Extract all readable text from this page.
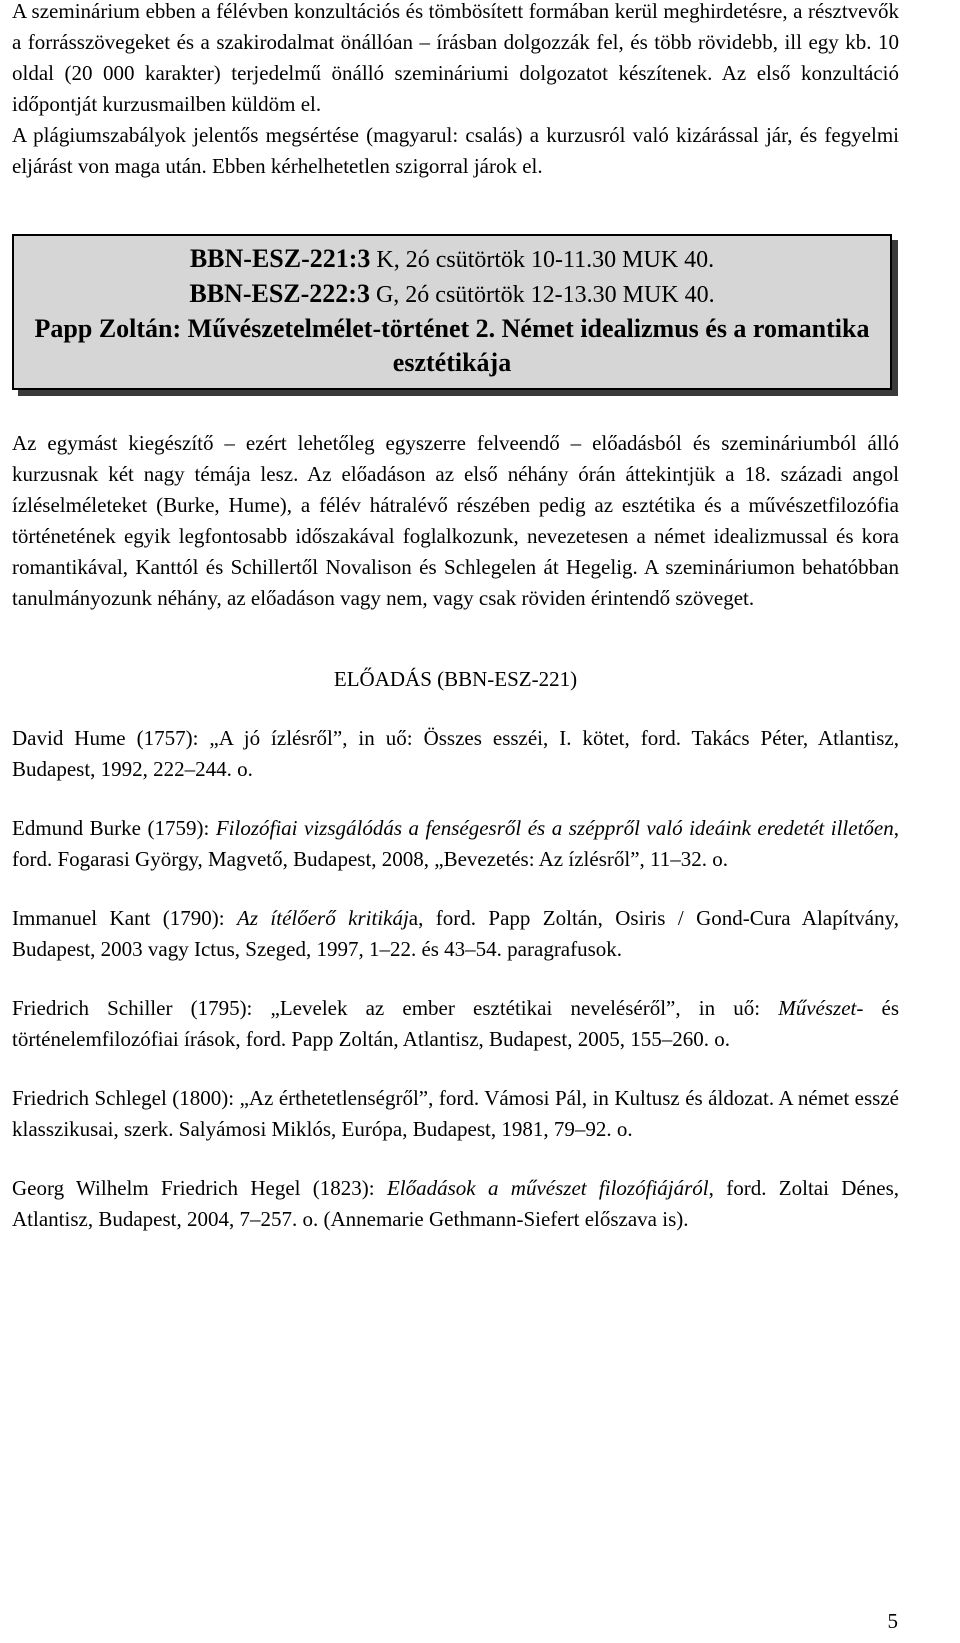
A szeminárium ebben a félévben konzultációs és tömbösített formában kerül meghirdetésre, a résztvevők a forrásszövegeket és a szakirodalmat önállóan – írásban dolgozzák fel, és több rövidebb, ill egy kb. 10 oldal (20 000 karakter) terjedelmű önálló szemináriumi dolgozatot készítenek. Az első konzultáció időpontját kurzusmailben küldöm el.

A plágiumszabályok jelentős megsértése (magyarul: csalás) a kurzusról való kizárással jár, és fegyelmi eljárást von maga után. Ebben kérhelhetetlen szigorral járok el.

BBN-ESZ-221:3 K, 2ó csütörtök 10-11.30 MUK 40.
BBN-ESZ-222:3 G, 2ó csütörtök 12-13.30 MUK 40.
Papp Zoltán: Művészetelmélet-történet 2. Német idealizmus és a romantika esztétikája

Az egymást kiegészítő – ezért lehetőleg egyszerre felveendő – előadásból és szemináriumból álló kurzusnak két nagy témája lesz. Az előadáson az első néhány órán áttekintjük a 18. századi angol ízléselméleteket (Burke, Hume), a félév hátralévő részében pedig az esztétika és a művészetfilozófia történetének egyik legfontosabb időszakával foglalkozunk, nevezetesen a német idealizmussal és kora romantikával, Kanttól és Schillertől Novalison és Schlegelen át Hegelig. A szemináriumon behatóbban tanulmányozunk néhány, az előadáson vagy nem, vagy csak röviden érintendő szöveget.

ELŐADÁS (BBN-ESZ-221)

David Hume (1757): „A jó ízlésről”, in uő: Összes esszéi, I. kötet, ford. Takács Péter, Atlantisz, Budapest, 1992, 222–244. o.

Edmund Burke (1759): Filozófiai vizsgálódás a fenségesről és a széppről való ideáink eredetét illetően, ford. Fogarasi György, Magvető, Budapest, 2008, „Bevezetés: Az ízlésről”, 11–32. o.

Immanuel Kant (1790): Az ítélőerő kritikája, ford. Papp Zoltán, Osiris / Gond-Cura Alapítvány, Budapest, 2003 vagy Ictus, Szeged, 1997, 1–22. és 43–54. paragrafusok.

Friedrich Schiller (1795): „Levelek az ember esztétikai neveléséről”, in uő: Művészet- és történelemfilozófiai írások, ford. Papp Zoltán, Atlantisz, Budapest, 2005, 155–260. o.

Friedrich Schlegel (1800): „Az érthetetlenségről”, ford. Vámosi Pál, in Kultusz és áldozat. A német esszé klasszikusai, szerk. Salyámosi Miklós, Európa, Budapest, 1981, 79–92. o.

Georg Wilhelm Friedrich Hegel (1823): Előadások a művészet filozófiájáról, ford. Zoltai Dénes, Atlantisz, Budapest, 2004, 7–257. o. (Annemarie Gethmann-Siefert előszava is).

5
